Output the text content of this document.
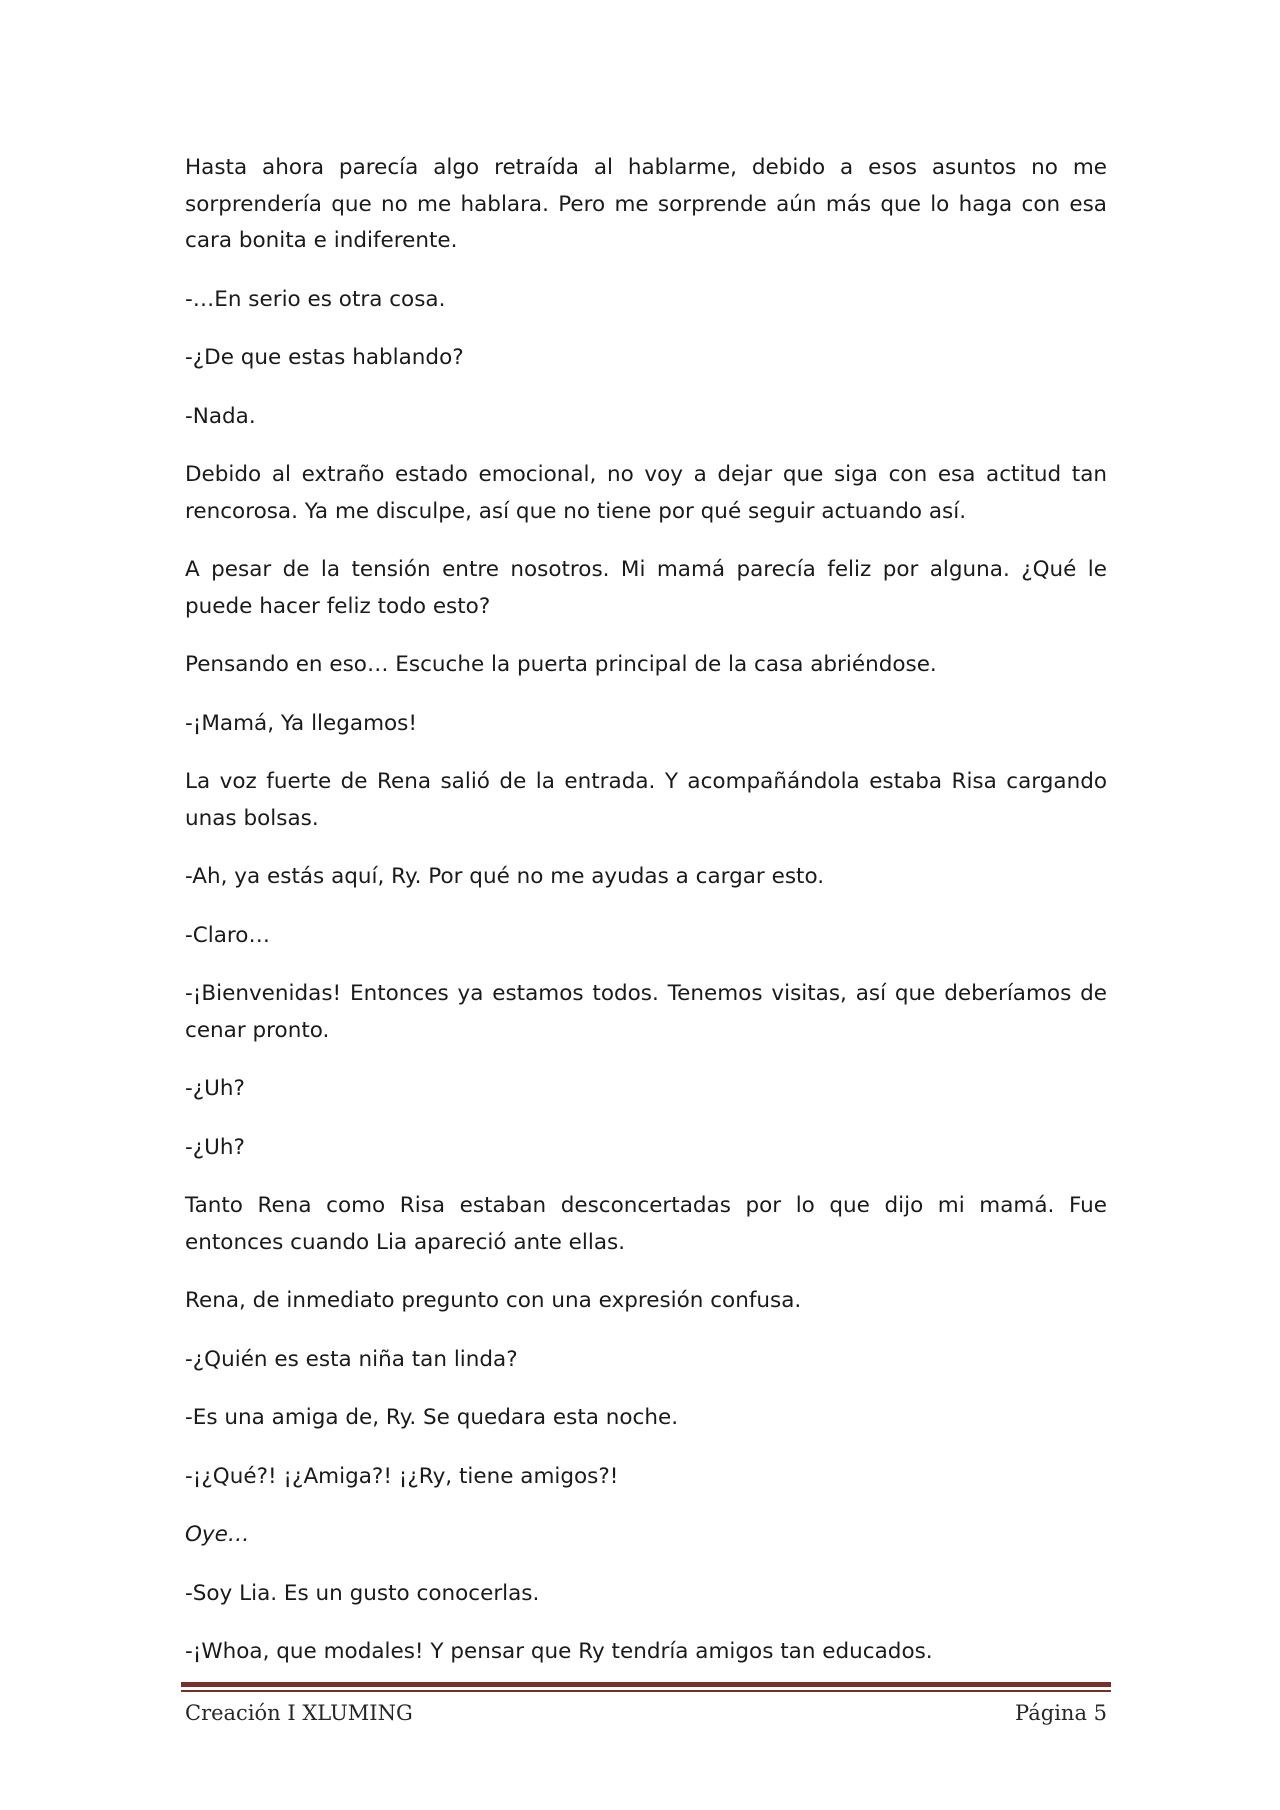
Hasta ahora parecía algo retraída al hablarme, debido a esos asuntos no me sorprendería que no me hablara. Pero me sorprende aún más que lo haga con esa cara bonita e indiferente.

-…En serio es otra cosa.

-¿De que estas hablando?

-Nada.

Debido al extraño estado emocional, no voy a dejar que siga con esa actitud tan rencorosa. Ya me disculpe, así que no tiene por qué seguir actuando así.

A pesar de la tensión entre nosotros. Mi mamá parecía feliz por alguna. ¿Qué le puede hacer feliz todo esto?

Pensando en eso… Escuche la puerta principal de la casa abriéndose.

-¡Mamá, Ya llegamos!

La voz fuerte de Rena salió de la entrada. Y acompañándola estaba Risa cargando unas bolsas.

-Ah, ya estás aquí, Ry. Por qué no me ayudas a cargar esto.

-Claro…

-¡Bienvenidas! Entonces ya estamos todos. Tenemos visitas, así que deberíamos de cenar pronto.

-¿Uh?

-¿Uh?

Tanto Rena como Risa estaban desconcertadas por lo que dijo mi mamá. Fue entonces cuando Lia apareció ante ellas.

Rena, de inmediato pregunto con una expresión confusa.

-¿Quién es esta niña tan linda?

-Es una amiga de, Ry. Se quedara esta noche.

-¡¿Qué?! ¡¿Amiga?! ¡¿Ry, tiene amigos?!

Oye…

-Soy Lia. Es un gusto conocerlas.

-¡Whoa, que modales! Y pensar que Ry tendría amigos tan educados.

Creación I XLUMING	Página 5
